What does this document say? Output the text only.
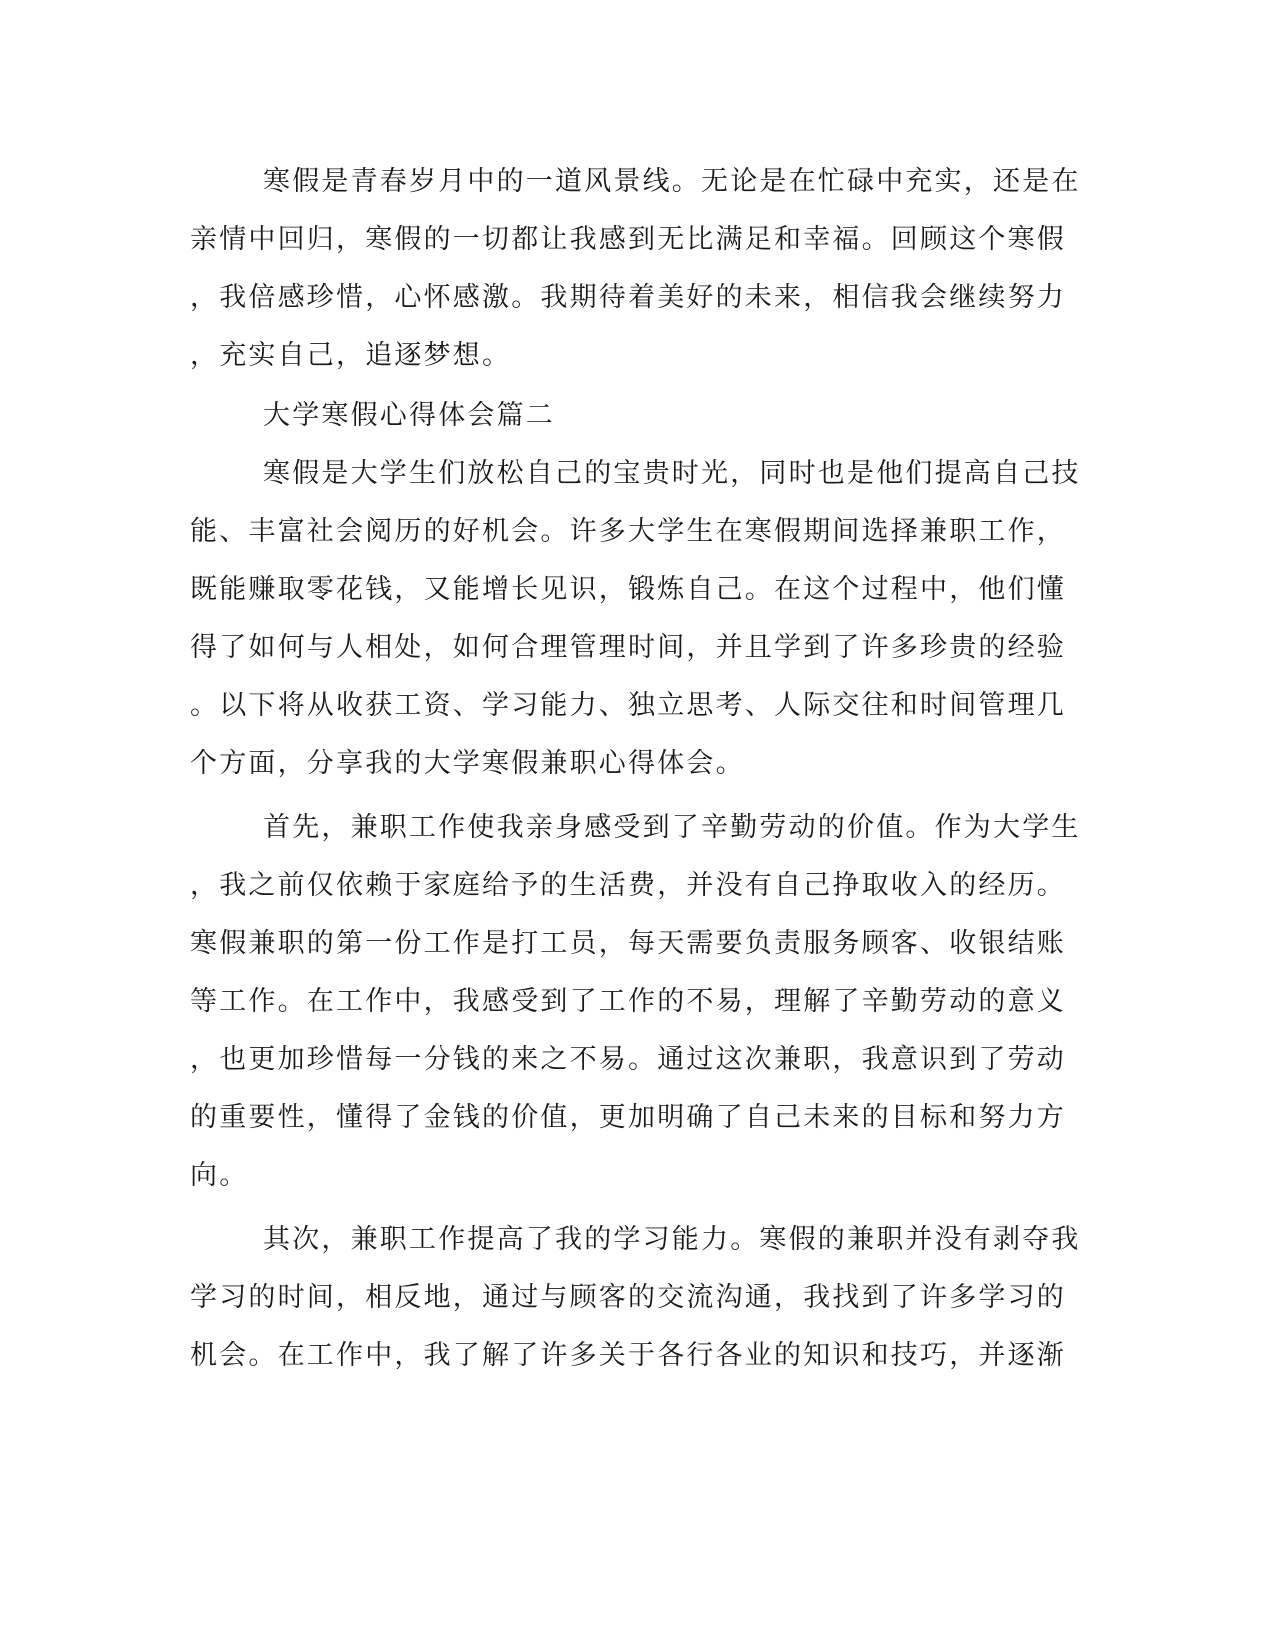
寒假是青春岁月中的一道风景线。无论是在忙碌中充实，还是在
亲情中回归，寒假的一切都让我感到无比满足和幸福。回顾这个寒假
，我倍感珍惜，心怀感激。我期待着美好的未来，相信我会继续努力
，充实自己，追逐梦想。
大学寒假心得体会篇二
寒假是大学生们放松自己的宝贵时光，同时也是他们提高自己技
能、丰富社会阅历的好机会。许多大学生在寒假期间选择兼职工作，
既能赚取零花钱，又能增长见识，锻炼自己。在这个过程中，他们懂
得了如何与人相处，如何合理管理时间，并且学到了许多珍贵的经验
。以下将从收获工资、学习能力、独立思考、人际交往和时间管理几
个方面，分享我的大学寒假兼职心得体会。
首先，兼职工作使我亲身感受到了辛勤劳动的价值。作为大学生
，我之前仅依赖于家庭给予的生活费，并没有自己挣取收入的经历。
寒假兼职的第一份工作是打工员，每天需要负责服务顾客、收银结账
等工作。在工作中，我感受到了工作的不易，理解了辛勤劳动的意义
，也更加珍惜每一分钱的来之不易。通过这次兼职，我意识到了劳动
的重要性，懂得了金钱的价值，更加明确了自己未来的目标和努力方
向。
其次，兼职工作提高了我的学习能力。寒假的兼职并没有剥夺我
学习的时间，相反地，通过与顾客的交流沟通，我找到了许多学习的
机会。在工作中，我了解了许多关于各行各业的知识和技巧，并逐渐
